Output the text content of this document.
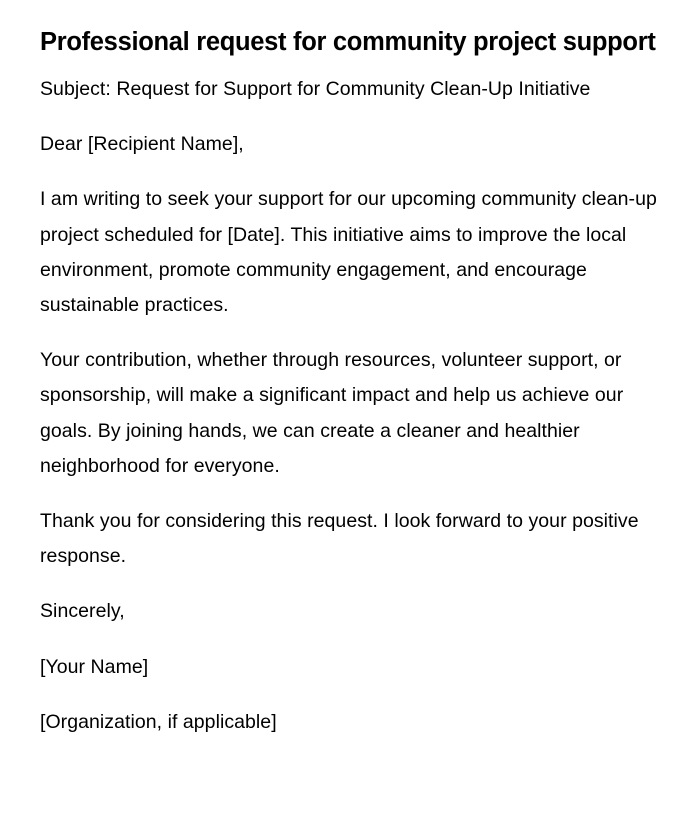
Professional request for community project support

Subject: Request for Support for Community Clean-Up Initiative

Dear [Recipient Name],

I am writing to seek your support for our upcoming community clean-up project scheduled for [Date]. This initiative aims to improve the local environment, promote community engagement, and encourage sustainable practices.

Your contribution, whether through resources, volunteer support, or sponsorship, will make a significant impact and help us achieve our goals. By joining hands, we can create a cleaner and healthier neighborhood for everyone.

Thank you for considering this request. I look forward to your positive response.

Sincerely,

[Your Name]

[Organization, if applicable]
